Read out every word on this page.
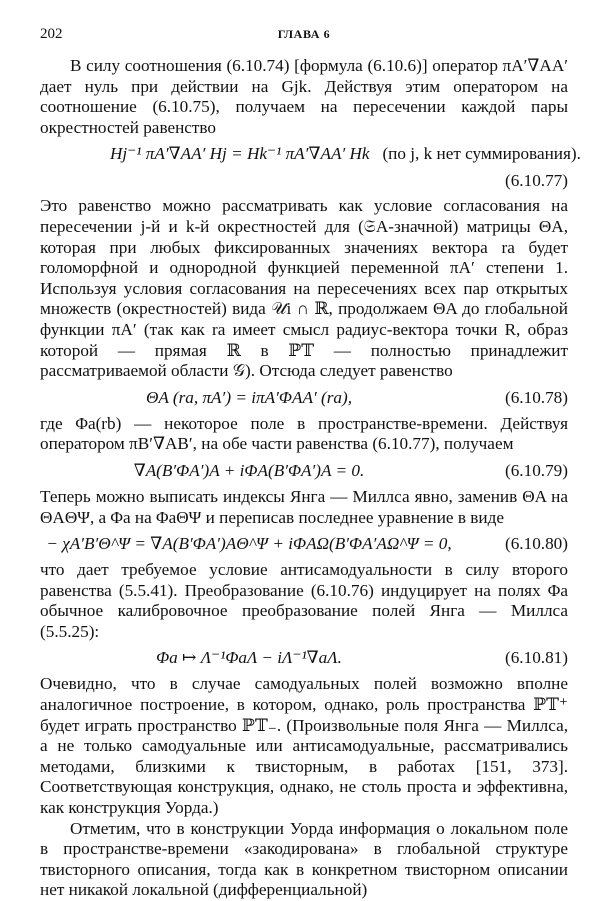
202	ГЛАВА 6

В силу соотношения (6.10.74) [формула (6.10.6)] оператор πA′∇AA′ дает нуль при действии на Gjk. Действуя этим оператором на соотношение (6.10.75), получаем на пересечении каждой пары окрестностей равенство

Hj⁻¹ πA′∇AA′ Hj = Hk⁻¹ πA′∇AA′ Hk (по j, k нет суммирования).
(6.10.77)

Это равенство можно рассматривать как условие согласования на пересечении j-й и k-й окрестностей для (𝔖A-значной) матрицы ΘA, которая при любых фиксированных значениях вектора ra будет голоморфной и однородной функцией переменной πA′ степени 1. Используя условия согласования на пересечениях всех пар открытых множеств (окрестностей) вида 𝒰i ∩ ℝ, продолжаем ΘA до глобальной функции πA′ (так как ra имеет смысл радиус-вектора точки R, образ которой — прямая ℝ в ℙ𝕋 — полностью принадлежит рассматриваемой области 𝒢). Отсюда следует равенство

ΘA (ra, πA′) = iπA′ΦAA′ (ra),	(6.10.78)

где Φa(rb) — некоторое поле в пространстве-времени. Действуя оператором πB′∇AB′, на обе части равенства (6.10.77), получаем

∇A(B′ΦA′)A + iΦA(B′ΦA′)A = 0.	(6.10.79)

Теперь можно выписать индексы Янга — Миллса явно, заменив ΘA на ΘAΘΨ, а Φa на ΦaΘΨ и переписав последнее уравнение в виде

− χA′B′Θ^Ψ = ∇A(B′ΦA′)AΘ^Ψ + iΦAΩ(B′ΦA′AΩ^Ψ = 0,	(6.10.80)

что дает требуемое условие антисамодуальности в силу второго равенства (5.5.41). Преобразование (6.10.76) индуцирует на полях Φa обычное калибровочное преобразование полей Янга — Миллса (5.5.25):

Φa ↦ Λ⁻¹ΦaΛ − iΛ⁻¹∇aΛ.	(6.10.81)

Очевидно, что в случае самодуальных полей возможно вполне аналогичное построение, в котором, однако, роль пространства ℙ𝕋⁺ будет играть пространство ℙ𝕋₋. (Произвольные поля Янга — Миллса, а не только самодуальные или антисамодуальные, рассматривались методами, близкими к твисторным, в работах [151, 373]. Соответствующая конструкция, однако, не столь проста и эффективна, как конструкция Уорда.)

Отметим, что в конструкции Уорда информация о локальном поле в пространстве-времени «закодирована» в глобальной структуре твисторного описания, тогда как в конкретном твисторном описании нет никакой локальной (дифференциальной)
